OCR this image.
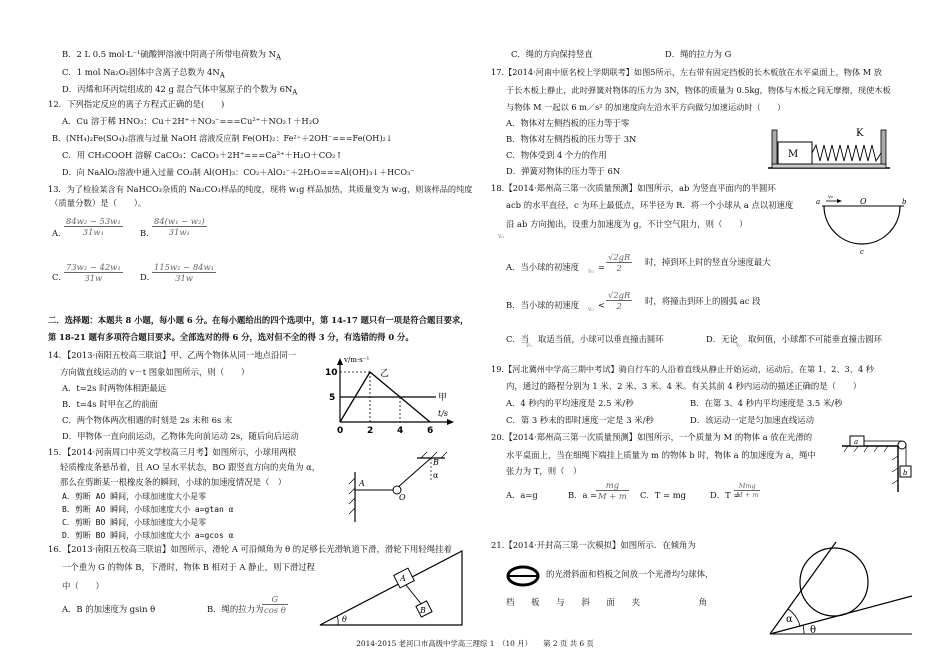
B．2 L 0.5 mol·L⁻¹硫酸钾溶液中阴离子所带电荷数为 $N_A$
C．1 mol Na₂O₂固体中含离子总数为 $4N_A$
D．丙烯和环丙烷组成的 42 g 混合气体中氢原子的个数为 $6N_A$
12．下列指定反应的离子方程式正确的是(　　)
A．Cu 溶于稀 HNO₃：Cu＋2H⁺＋NO₃⁻===Cu²⁺＋NO₂↑＋H₂O
B．(NH₄)₂Fe(SO₄)₂溶液与过量 NaOH 溶液反应制 Fe(OH)₂：Fe²⁺＋2OH⁻===Fe(OH)₂↓
C．用 CH₃COOH 溶解 CaCO₃：CaCO₃＋2H⁺===Ca²⁺＋H₂O＋CO₂↑
D．向 NaAlO₂溶液中通入过量 CO₂制 Al(OH)₃：CO₂＋AlO₂⁻＋2H₂O===Al(OH)₃↓＋HCO₃⁻
13．为了检验某含有 NaHCO₃杂质的 Na₂CO₃样品的纯度，现将 w₁g 样品加热，其质量变为 w₂g，则该样品的纯度
（质量分数）是（　　）。
A．
$\frac{\text{84w₂ − 53w₁}}{\text{31w₁}}$ B．
$\frac{\text{84(w₁ − w₂)}}{\text{31w₁}}$
C．
$\frac{\text{73w₂ − 42w₁}}{31w}$ D．
$\frac{\text{115w₂ − 84w₁}}{31w}$
二．选择题：本题共 8 小题，每小题 6 分。在每小题给出的四个选项中，第 14-17 题只有一项是符合题目要求，
第 18-21 题有多项符合题目要求。全部选对的得 6 分，选对但不全的得 3 分，有选错的得 0 分。
14．【2013·南阳五校高三联谊】甲、乙两个物体从同一地点沿同一
方向做直线运动的 v－t 图象如图所示，则（　　）
A．t=2s 时两物体相距最远
B．t=4s 时甲在乙的前面
C．两个物体两次相遇的时刻是 2s 末和 6s 末
D．甲物体一直向前运动，乙物体先向前运动 2s，随后向后运动
15．【2014·河南周口中英文学校高三月考】如图所示，小球用两根
轻质橡皮条悬吊着，且 AO 呈水平状态，BO 跟竖直方向的夹角为 α，
那么在剪断某一根橡皮条的瞬间，小球的加速度情况是（　）
A．剪断 AO 瞬间，小球加速度大小是零
B．剪断 AO 瞬间，小球加速度大小 a=gtan α
C．剪断 BO 瞬间，小球加速度大小是零
D．剪断 BO 瞬间，小球加速度大小 a=gcos α
16．【2013·南阳五校高三联谊】如图所示，滑轮 A 可沿倾角为 θ 的足够长光滑轨道下滑，滑轮下用轻绳挂着
一个重为 G 的物体 B，下滑时，物体 B 相对于 A 静止，则下滑过程
中（　　）
A．B 的加速度为 gsin θ	B．绳的拉力为
$\frac{G}{\text{cos θ}}$
v/m·s⁻¹
t/s
乙
甲
10
5
0	2	4	6
A
B
O
α
θ
A
B
C．绳的方向保持竖直	D．绳的拉力为 G
17.【2014·河南中原名校上学期联考】如图5所示，左右带有固定挡板的长木板放在水平桌面上，物体 M 放
于长木板上静止，此时弹簧对物体的压力为 3N，物体的质量为 0.5kg，物体与木板之间无摩擦，现使木板
与物体 M 一起以 6 m／s² 的加速度向左沿水平方向做匀加速运动时（　　）
A．物体对左侧挡板的压力等于零
B．物体对左侧挡板的压力等于 3N
C．物体受到 4 个力的作用
D．弹簧对物体的压力等于 6N
18.【2014·郑州高三第一次质量预测】如图所示，ab 为竖直平面内的半圆环
acb 的水平直径，c 为环上最低点，环半径为 R．将一个小球从 a 点以初速度
沿 ab 方向抛出，设重力加速度为 g，不计空气阻力，则（　　）
v₀
A．当小球的初速度 $v_0 = \frac{√2gR}{2}$ 时，掉到环上时的竖直分速度最大
B．当小球的初速度 $v_0 < \frac{√2gR}{2}$ 时，将撞击到环上的圆弧 ac 段
C．当
v₀
取适当值，小球可以垂直撞击圆环	D．无论
v₀
取何值，小球都不可能垂直撞击圆环
19.【河北冀州中学高三期中考试】骑自行车的人沿着直线从静止开始运动，运动后，在第 1、2、3、4 秒
内，通过的路程分别为 1 米、2 米、3 米、4 米。有关其前 4 秒内运动的描述正确的是（　　）
A．4 秒内的平均速度是 2.5 米/秒	B．在第 3、4 秒内平均速度是 3.5 米/秒
C．第 3 秒末的即时速度一定是 3 米/秒	D．该运动一定是匀加速直线运动
20.【2014·郑州高三第一次质量预测】如图所示，一个质量为 M 的物体 a 放在光滑的
水平桌面上，当在细绳下端挂上质量为 m 的物体 b 时，物体 a 的加速度为 a，绳中
张力为 T，则（　）
A．a=g	B．a =
$\frac{mg}{M + m}$ C．T = mg	D．T =
Mmg
M + m
21.【2014·开封高三第一次模拟】如图所示．在倾角为
的光滑斜面和档板之间放一个光滑均匀球体，
档　　板　　与　　斜　　面　　夹　　　　　　　角
M
K
a	O	b
c
v₀
a
b
α
θ
2014-2015 老河口市高级中学高三理综 1　（10 月）　　第 2 页 共 6 页
